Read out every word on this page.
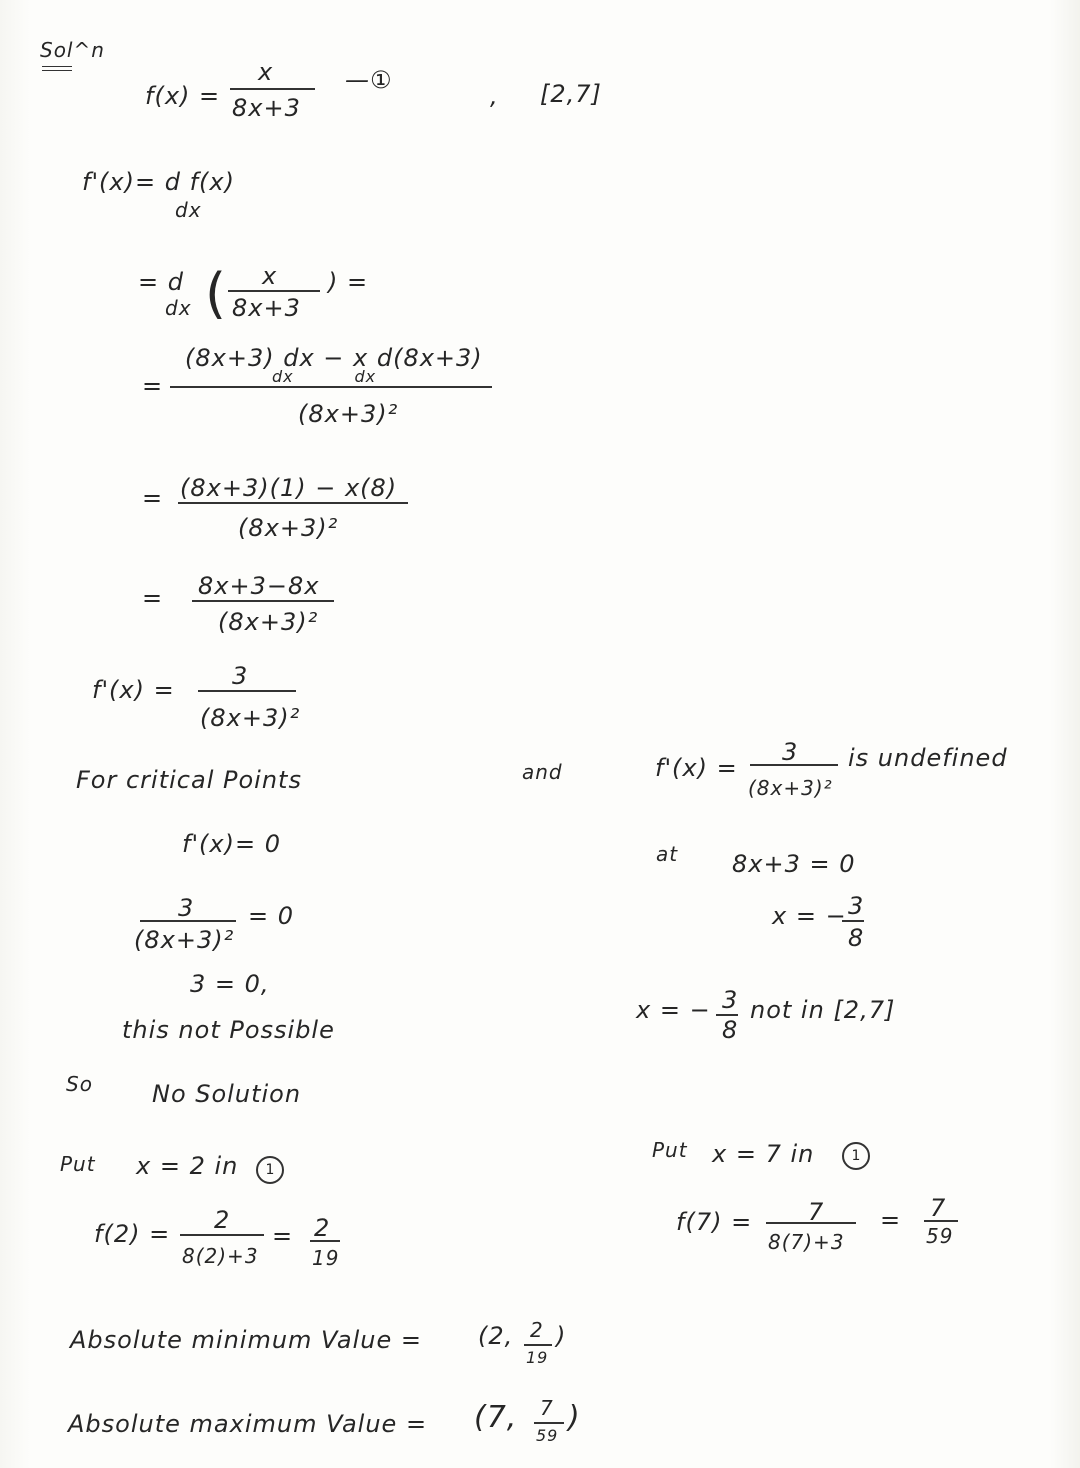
Sol^n
f(x) =
x
8x+3
—①
, [2,7]
f'(x)= d f(x)
dx
= d
dx ( x
8x+3
) =
(8x+3) dx − x d(8x+3)
dx          dx
=
(8x+3)²
= (8x+3)(1) − x(8)
(8x+3)²
= 8x+3−8x
(8x+3)²
f'(x) = 3
(8x+3)²
For critical Points
f'(x)= 0
3
(8x+3)²
= 0
3 = 0,
this not Possible
So No Solution
and	f'(x) =
3
(8x+3)²
is undefined
at 8x+3 = 0
x = − 3
8
x = − 3
8
not in [2,7]
Put x = 2 in	1
f(2) = 2
8(2)+3
= 2
19
Put x = 7 in	1
f(7) = 7
8(7)+3
= 7
59
Absolute minimum Value = (2, 2
19
)
Absolute maximum Value = (7, 7
59
)
